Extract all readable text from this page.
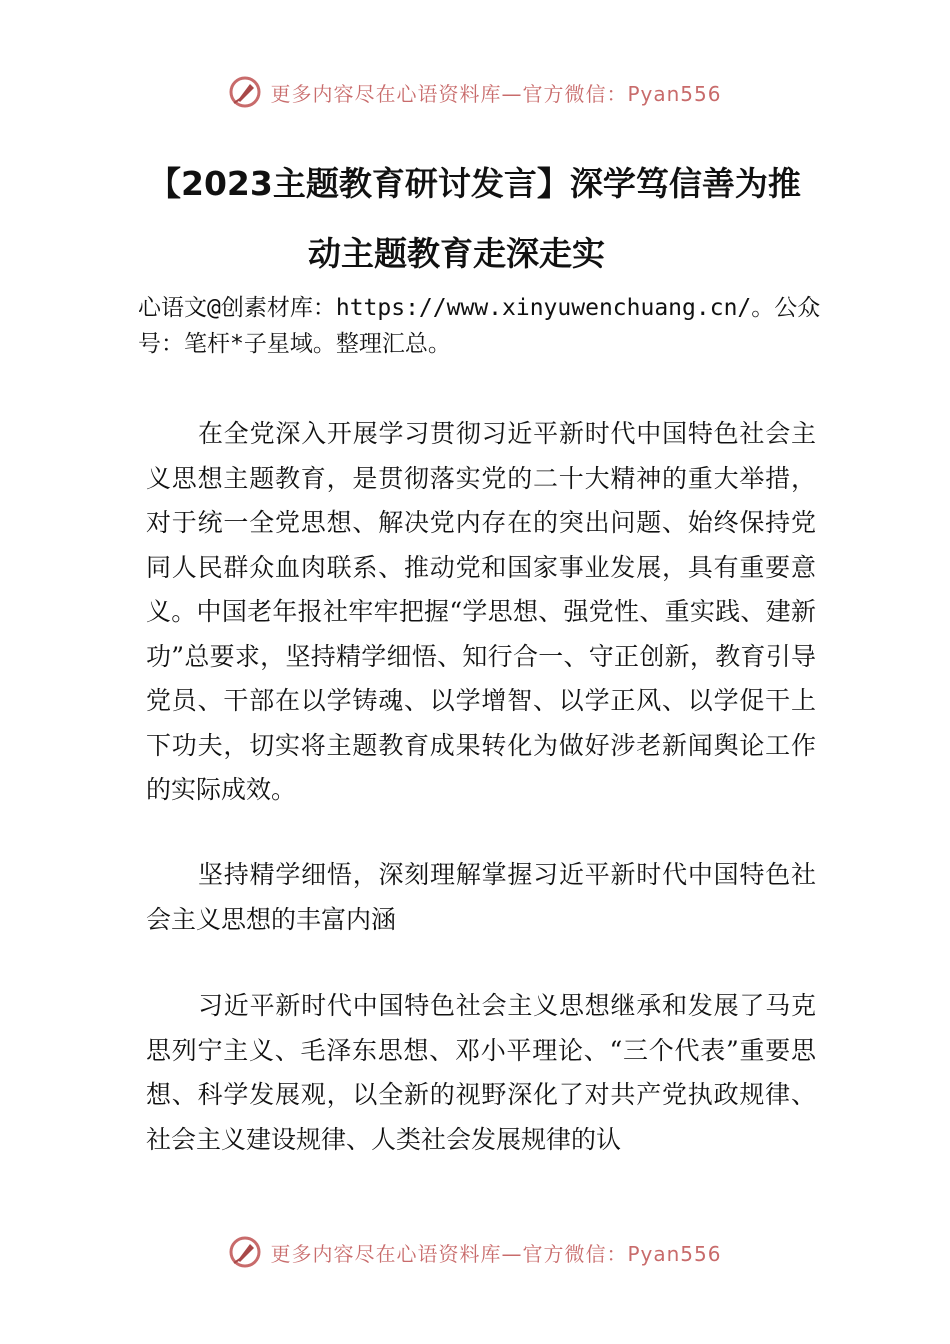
更多内容尽在心语资料库—官方微信：Pyan556
【2023主题教育研讨发言】深学笃信善为推
动主题教育走深走实
心语文@创素材库：https://www.xinyuwenchuang.cn/。公众号：笔杆*子星域。整理汇总。

在全党深入开展学习贯彻习近平新时代中国特色社会主义思想主题教育，是贯彻落实党的二十大精神的重大举措，对于统一全党思想、解决党内存在的突出问题、始终保持党同人民群众血肉联系、推动党和国家事业发展，具有重要意义。中国老年报社牢牢把握“学思想、强党性、重实践、建新功”总要求，坚持精学细悟、知行合一、守正创新，教育引导党员、干部在以学铸魂、以学增智、以学正风、以学促干上下功夫，切实将主题教育成果转化为做好涉老新闻舆论工作的实际成效。

坚持精学细悟，深刻理解掌握习近平新时代中国特色社会主义思想的丰富内涵

习近平新时代中国特色社会主义思想继承和发展了马克思列宁主义、毛泽东思想、邓小平理论、“三个代表”重要思想、科学发展观，以全新的视野深化了对共产党执政规律、社会主义建设规律、人类社会发展规律的认

更多内容尽在心语资料库—官方微信：Pyan556
